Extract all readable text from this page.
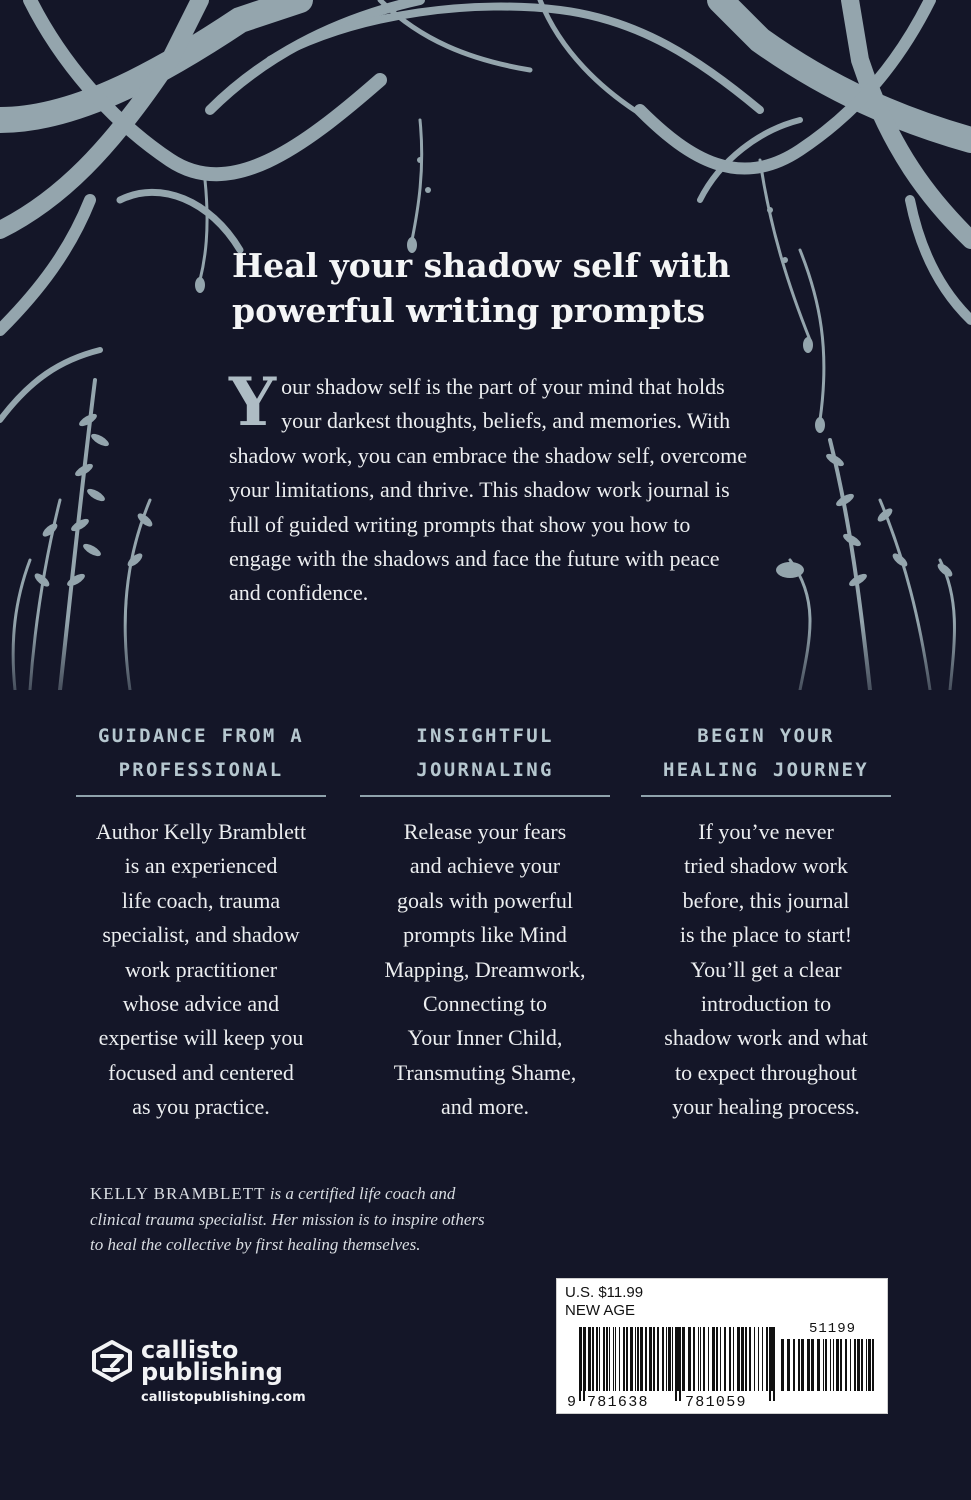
Heal your shadow self with powerful writing prompts

Your shadow self is the part of your mind that holds your darkest thoughts, beliefs, and memories. With shadow work, you can embrace the shadow self, overcome your limitations, and thrive. This shadow work journal is full of guided writing prompts that show you how to engage with the shadows and face the future with peace and confidence.

GUIDANCE FROM A
PROFESSIONAL

Author Kelly Bramblett
is an experienced
life coach, trauma
specialist, and shadow
work practitioner
whose advice and
expertise will keep you
focused and centered
as you practice.

INSIGHTFUL
JOURNALING

Release your fears
and achieve your
goals with powerful
prompts like Mind
Mapping, Dreamwork,
Connecting to
Your Inner Child,
Transmuting Shame,
and more.

BEGIN YOUR
HEALING JOURNEY

If you’ve never
tried shadow work
before, this journal
is the place to start!
You’ll get a clear
introduction to
shadow work and what
to expect throughout
your healing process.

KELLY BRAMBLETT is a certified life coach and clinical trauma specialist. Her mission is to inspire others to heal the collective by first healing themselves.

callisto
publishing
callistopublishing.com
U.S. $11.99
NEW AGE
51199
9 781638 781059
